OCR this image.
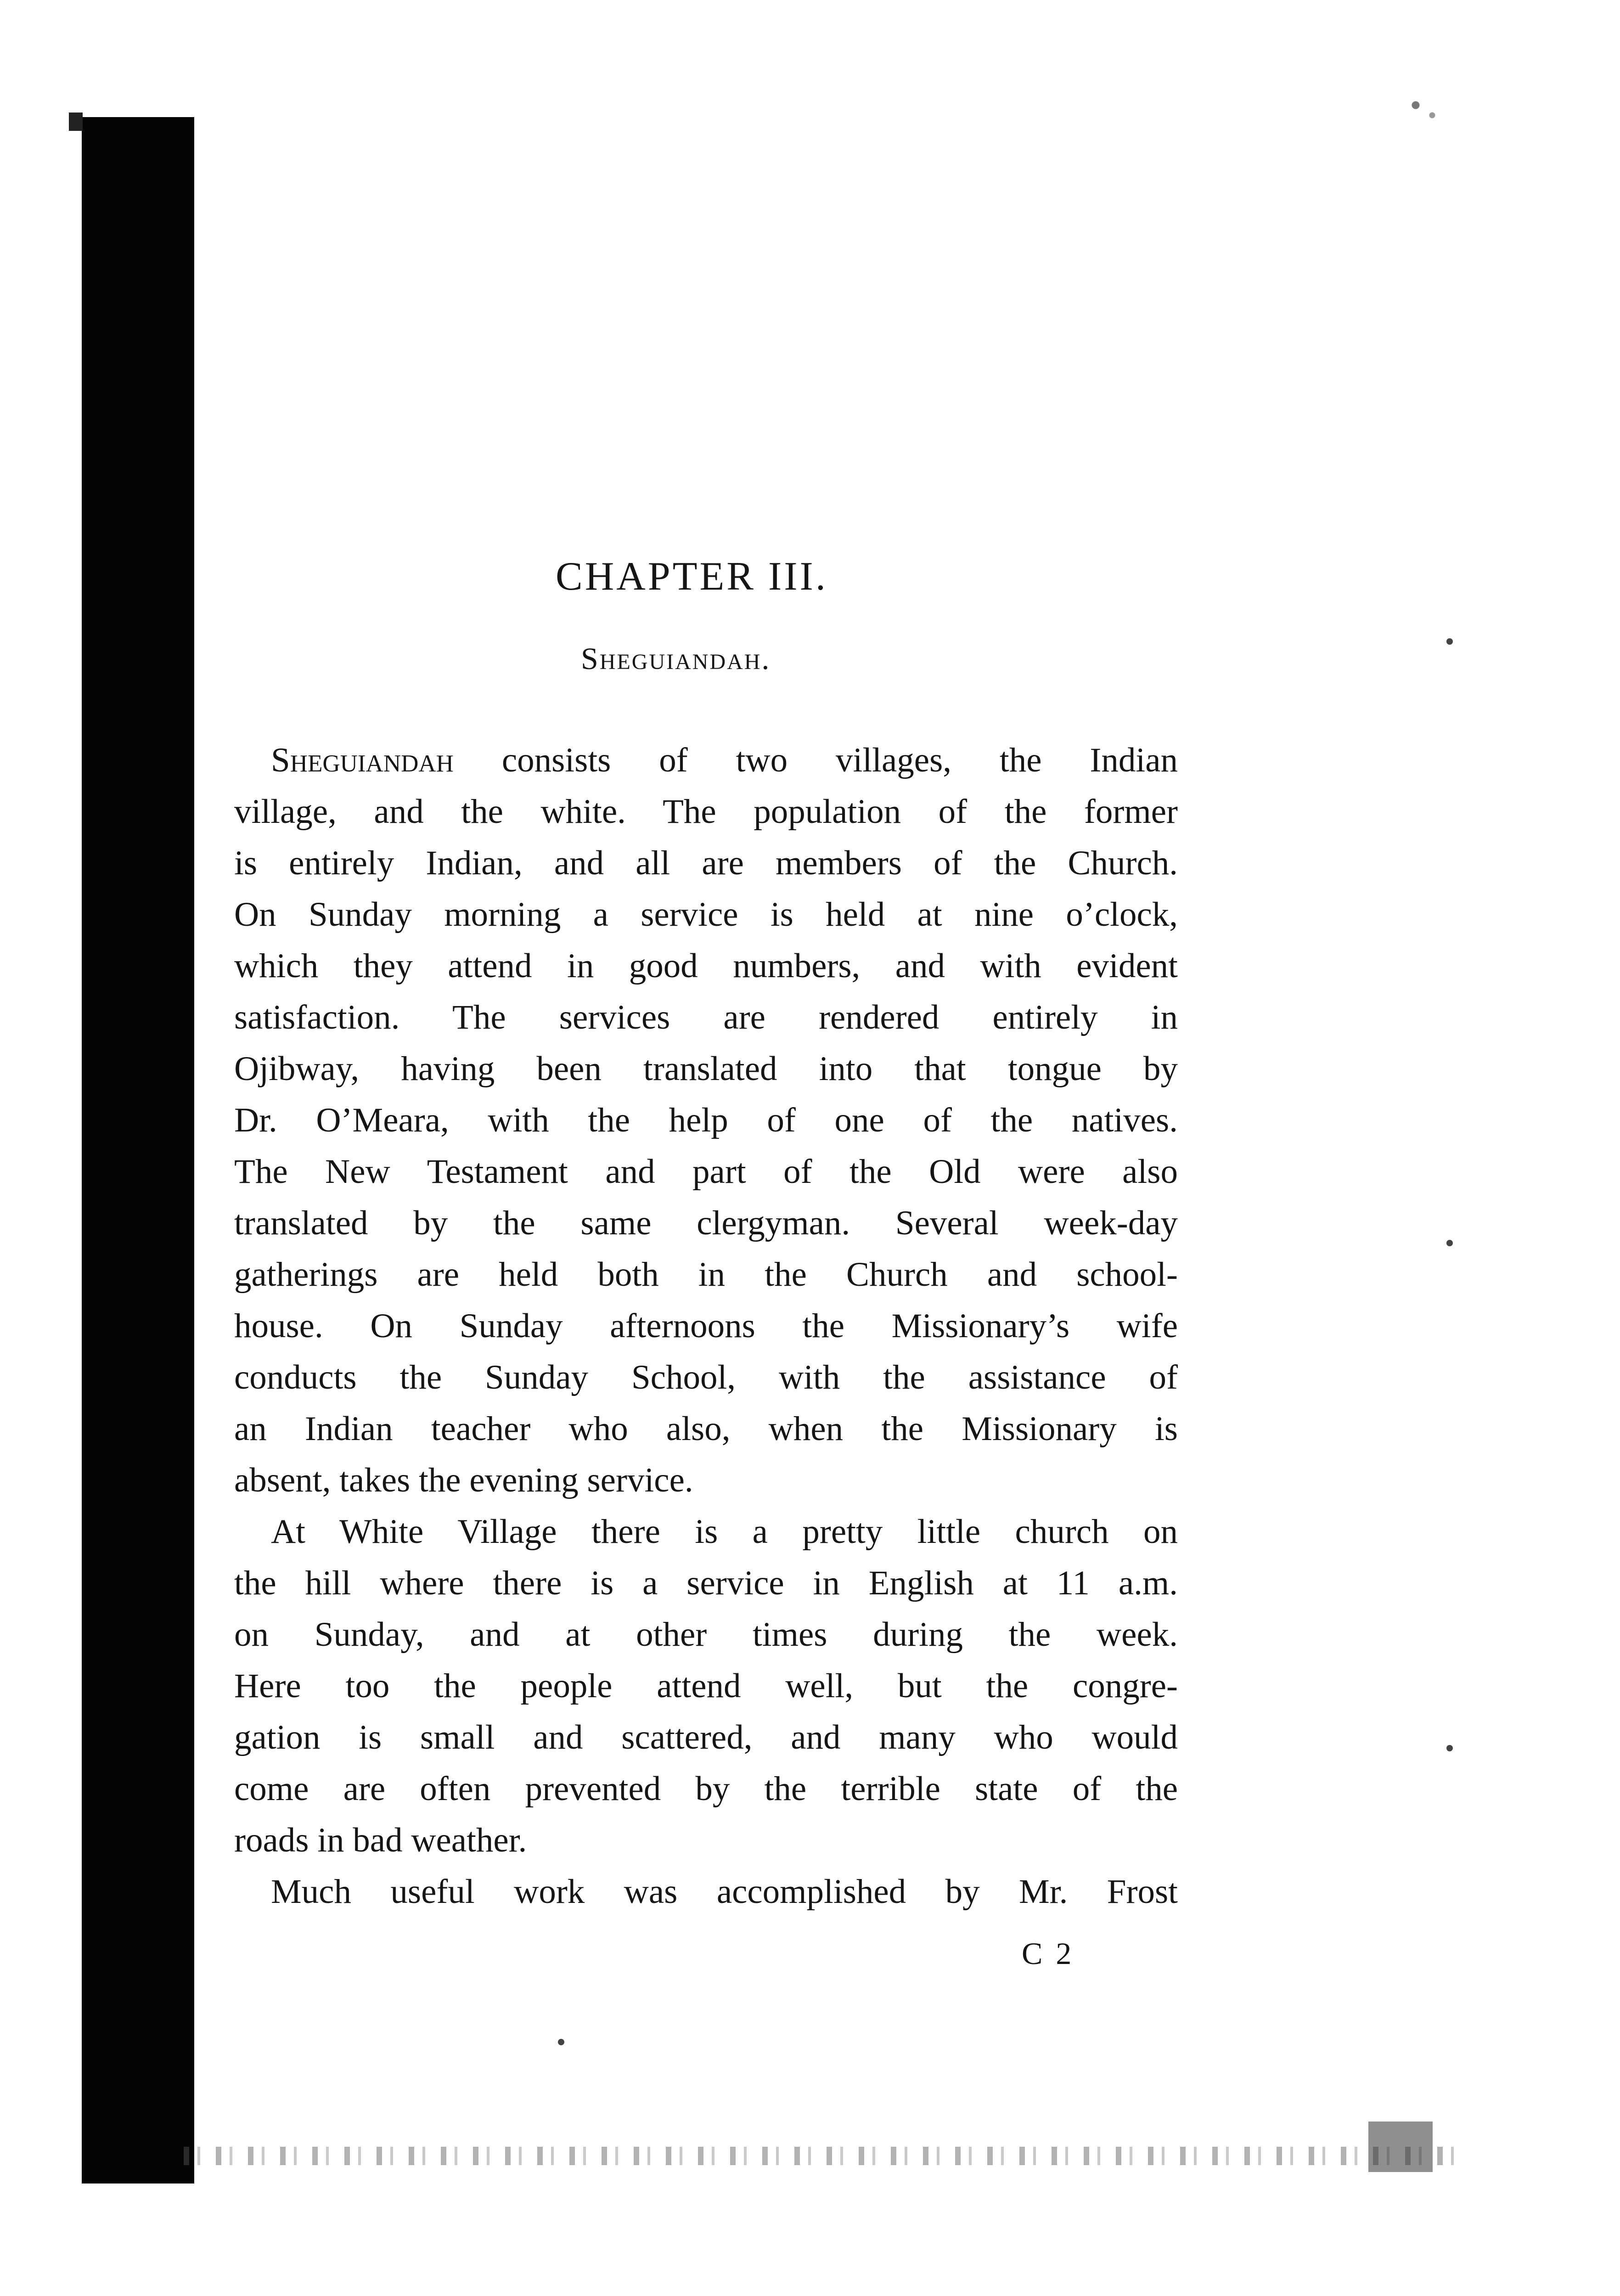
CHAPTER III.
Sheguiandah.

Sheguiandah consists of two villages, the Indian

village, and the white. The population of the former

is entirely Indian, and all are members of the Church.

On Sunday morning a service is held at nine o’clock,

which they attend in good numbers, and with evident

satisfaction. The services are rendered entirely in

Ojibway, having been translated into that tongue by

Dr. O’Meara, with the help of one of the natives.

The New Testament and part of the Old were also

translated by the same clergyman. Several week-day

gatherings are held both in the Church and school-

house. On Sunday afternoons the Missionary’s wife

conducts the Sunday School, with the assistance of

an Indian teacher who also, when the Missionary is

absent, takes the evening service.

At White Village there is a pretty little church on

the hill where there is a service in English at 11 a.m.

on Sunday, and at other times during the week.

Here too the people attend well, but the congre-

gation is small and scattered, and many who would

come are often prevented by the terrible state of the

roads in bad weather.

Much useful work was accomplished by Mr. Frost

C 2
